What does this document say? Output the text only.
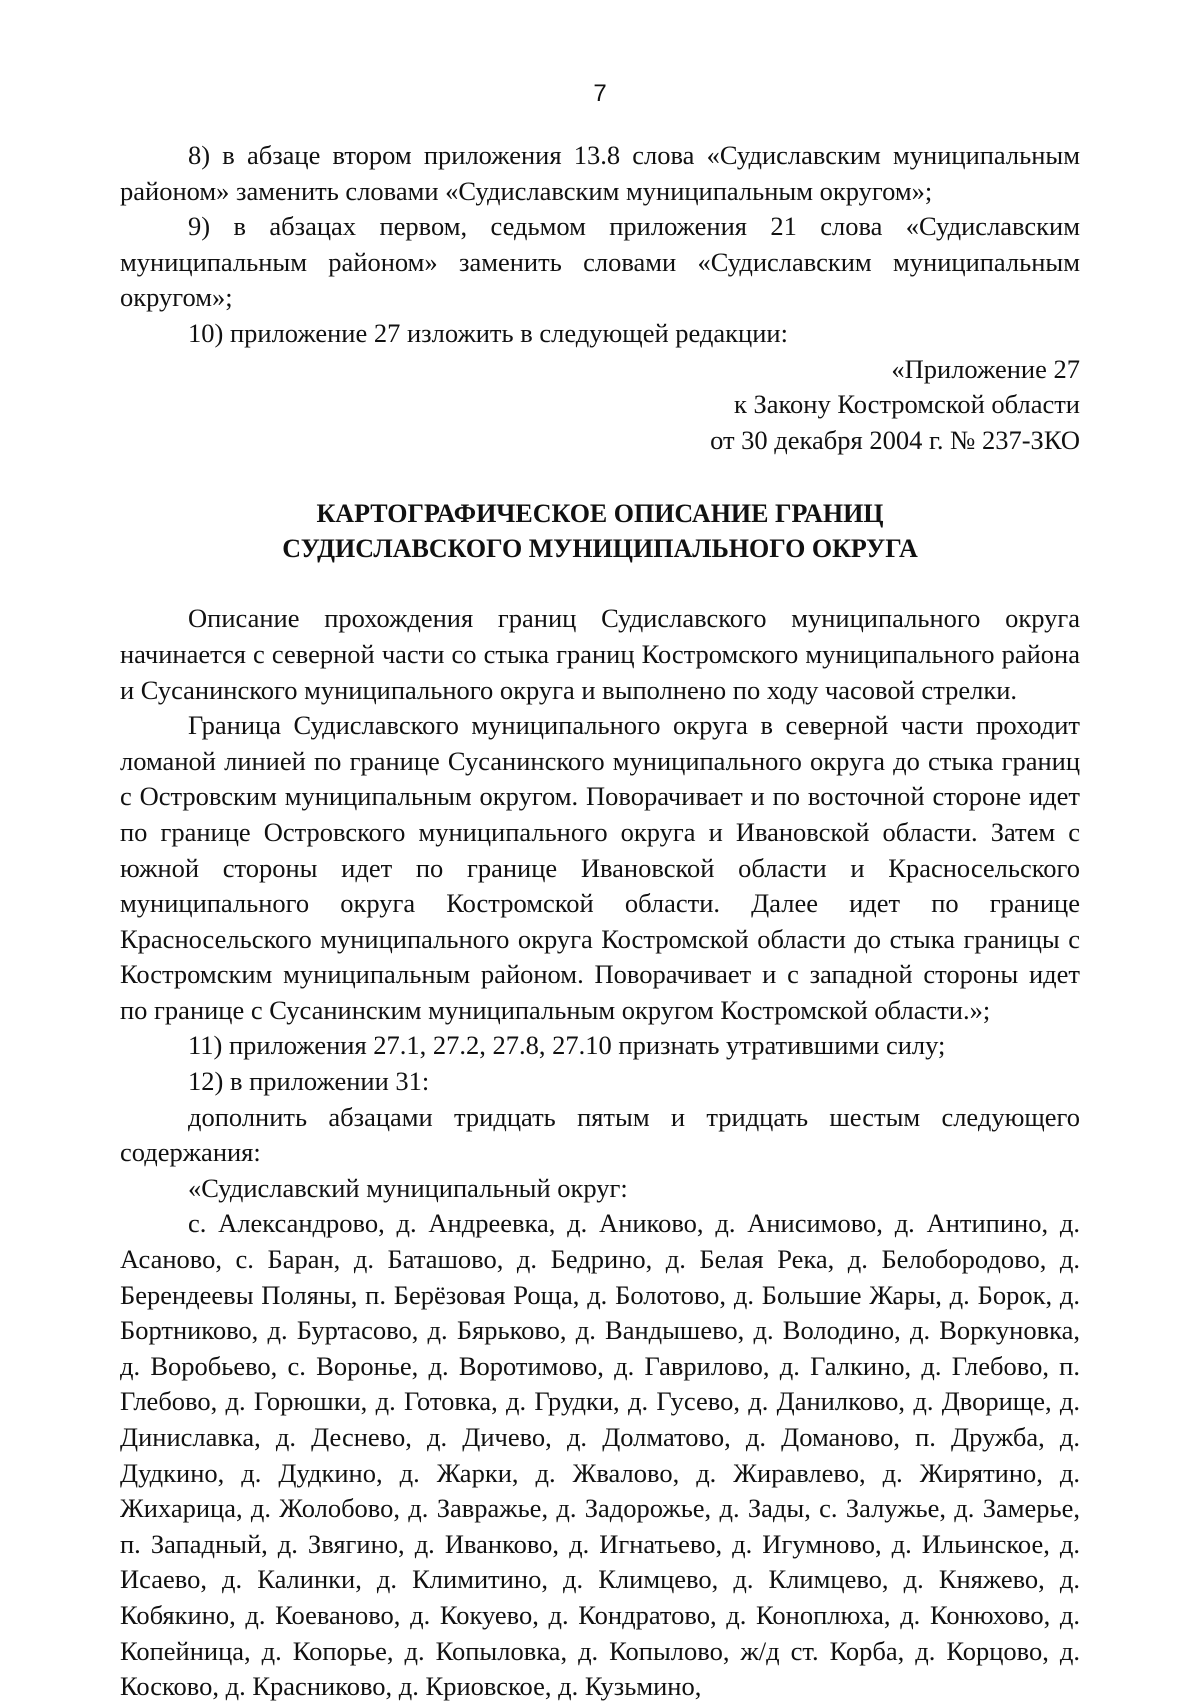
7

8) в абзаце втором приложения 13.8 слова «Судиславским муниципальным районом» заменить словами «Судиславским муниципальным округом»;

9) в абзацах первом, седьмом приложения 21 слова «Судиславским муниципальным районом» заменить словами «Судиславским муниципальным округом»;

10) приложение 27 изложить в следующей редакции:

«Приложение 27

к Закону Костромской области

от 30 декабря 2004 г. № 237-ЗКО

КАРТОГРАФИЧЕСКОЕ ОПИСАНИЕ ГРАНИЦ
СУДИСЛАВСКОГО МУНИЦИПАЛЬНОГО ОКРУГА

Описание прохождения границ Судиславского муниципального округа начинается с северной части со стыка границ Костромского муниципального района и Сусанинского муниципального округа и выполнено по ходу часовой стрелки.

Граница Судиславского муниципального округа в северной части проходит ломаной линией по границе Сусанинского муниципального округа до стыка границ с Островским муниципальным округом. Поворачивает и по восточной стороне идет по границе Островского муниципального округа и Ивановской области. Затем с южной стороны идет по границе Ивановской области и Красносельского муниципального округа Костромской области. Далее идет по границе Красносельского муниципального округа Костромской области до стыка границы с Костромским муниципальным районом. Поворачивает и с западной стороны идет по границе с Сусанинским муниципальным округом Костромской области.»;

11) приложения 27.1, 27.2, 27.8, 27.10 признать утратившими силу;

12) в приложении 31:

дополнить абзацами тридцать пятым и тридцать шестым следующего содержания:

«Судиславский муниципальный округ:

с. Александрово, д. Андреевка, д. Аниково, д. Анисимово, д. Антипино, д. Асаново, с. Баран, д. Баташово, д. Бедрино, д. Белая Река, д. Белобородово, д. Берендеевы Поляны, п. Берёзовая Роща, д. Болотово, д. Большие Жары, д. Борок, д. Бортниково, д. Буртасово, д. Бярьково, д. Вандышево, д. Володино, д. Воркуновка, д. Воробьево, с. Воронье, д. Воротимово, д. Гаврилово, д. Галкино, д. Глебово, п. Глебово, д. Горюшки, д. Готовка, д. Грудки, д. Гусево, д. Данилково, д. Дворище, д. Диниславка, д. Деснево, д. Дичево, д. Долматово, д. Доманово, п. Дружба, д. Дудкино, д. Дудкино, д. Жарки, д. Жвалово, д. Жиравлево, д. Жирятино, д. Жихарица, д. Жолобово, д. Завражье, д. Задорожье, д. Зады, с. Залужье, д. Замерье, п. Западный, д. Звягино, д. Иванково, д. Игнатьево, д. Игумново, д. Ильинское, д. Исаево, д. Калинки, д. Климитино, д. Климцево, д. Климцево, д. Княжево, д. Кобякино, д. Коеваново, д. Кокуево, д. Кондратово, д. Коноплюха, д. Конюхово, д. Копейница, д. Копорье, д. Копыловка, д. Копылово, ж/д ст. Корба, д. Корцово, д. Косково, д. Красниково, д. Криовское, д. Кузьмино,
